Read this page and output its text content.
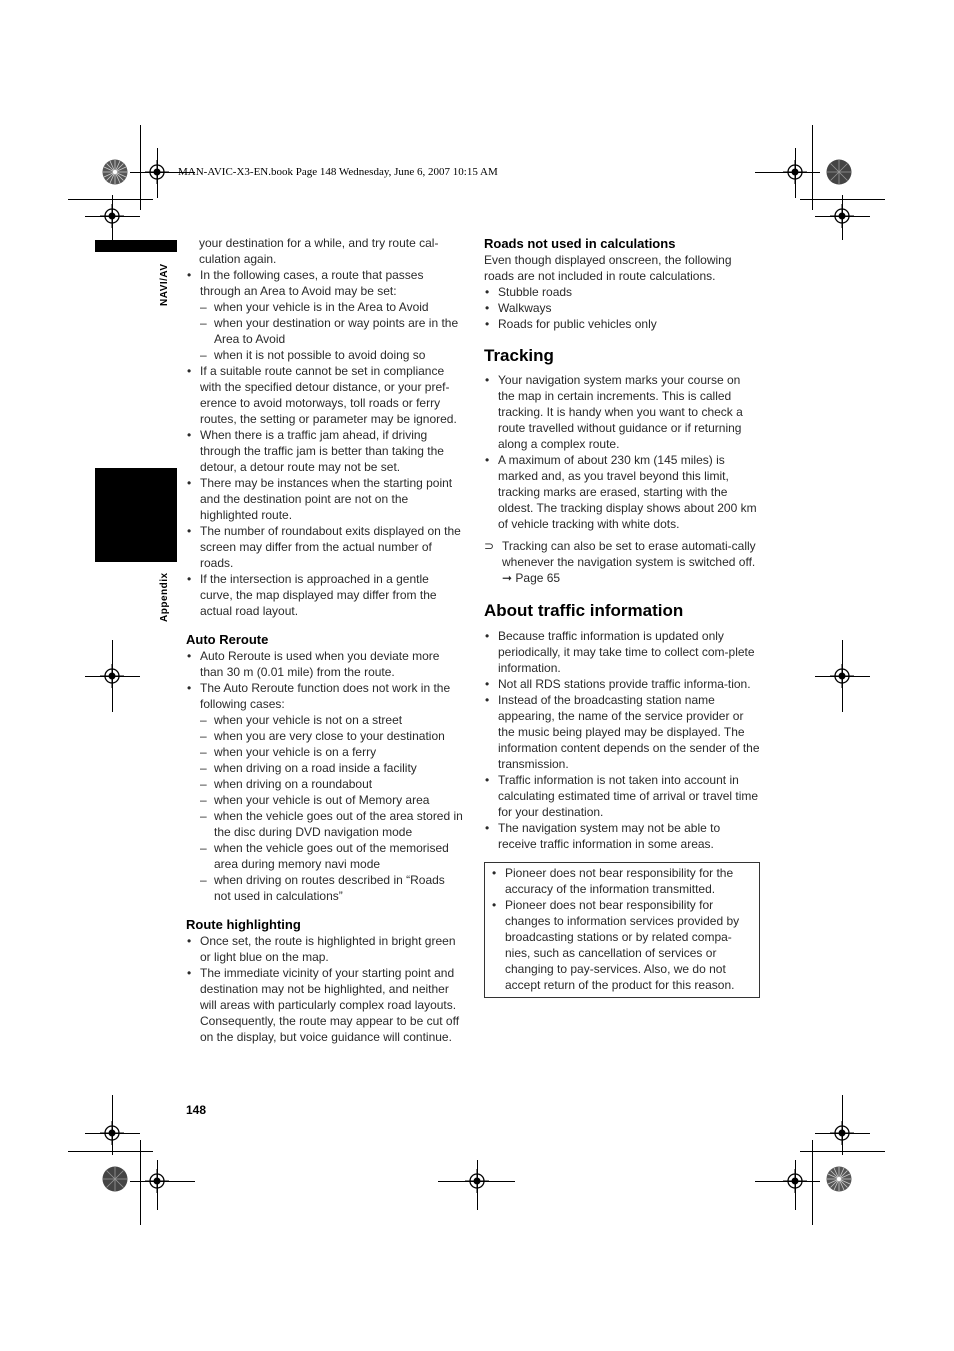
MAN-AVIC-X3-EN.book Page 148 Wednesday, June 6, 2007 10:15 AM
NAVI/AV
Appendix

your destination for a while, and try route cal-culation again.

• In the following cases, a route that passes through an Area to Avoid may be set:

– when your vehicle is in the Area to Avoid

– when your destination or way points are in the Area to Avoid

– when it is not possible to avoid doing so

• If a suitable route cannot be set in compliance with the specified detour distance, or your pref-erence to avoid motorways, toll roads or ferry routes, the setting or parameter may be ignored.

• When there is a traffic jam ahead, if driving through the traffic jam is better than taking the detour, a detour route may not be set.

• There may be instances when the starting point and the destination point are not on the highlighted route.

• The number of roundabout exits displayed on the screen may differ from the actual number of roads.

• If the intersection is approached in a gentle curve, the map displayed may differ from the actual road layout.

Auto Reroute

• Auto Reroute is used when you deviate more than 30 m (0.01 mile) from the route.

• The Auto Reroute function does not work in the following cases:

– when your vehicle is not on a street

– when you are very close to your destination

– when your vehicle is on a ferry

– when driving on a road inside a facility

– when driving on a roundabout

– when your vehicle is out of Memory area

– when the vehicle goes out of the area stored in the disc during DVD navigation mode

– when the vehicle goes out of the memorised area during memory navi mode

– when driving on routes described in “Roads not used in calculations”

Route highlighting

• Once set, the route is highlighted in bright green or light blue on the map.

• The immediate vicinity of your starting point and destination may not be highlighted, and neither will areas with particularly complex road layouts. Consequently, the route may appear to be cut off on the display, but voice guidance will continue.

Roads not used in calculations

Even though displayed onscreen, the following roads are not included in route calculations.

• Stubble roads

• Walkways

• Roads for public vehicles only

Tracking

• Your navigation system marks your course on the map in certain increments. This is called tracking. It is handy when you want to check a route travelled without guidance or if returning along a complex route.

• A maximum of about 230 km (145 miles) is marked and, as you travel beyond this limit, tracking marks are erased, starting with the oldest. The tracking display shows about 200 km of vehicle tracking with white dots.

⊃ Tracking can also be set to erase automati-cally whenever the navigation system is switched off. ➞ Page 65

About traffic information

• Because traffic information is updated only periodically, it may take time to collect com-plete information.

• Not all RDS stations provide traffic informa-tion.

• Instead of the broadcasting station name appearing, the name of the service provider or the music being played may be displayed. The information content depends on the sender of the transmission.

• Traffic information is not taken into account in calculating estimated time of arrival or travel time for your destination.

• The navigation system may not be able to receive traffic information in some areas.

• Pioneer does not bear responsibility for the accuracy of the information transmitted.

• Pioneer does not bear responsibility for changes to information services provided by broadcasting stations or by related compa-nies, such as cancellation of services or changing to pay-services. Also, we do not accept return of the product for this reason.

148
